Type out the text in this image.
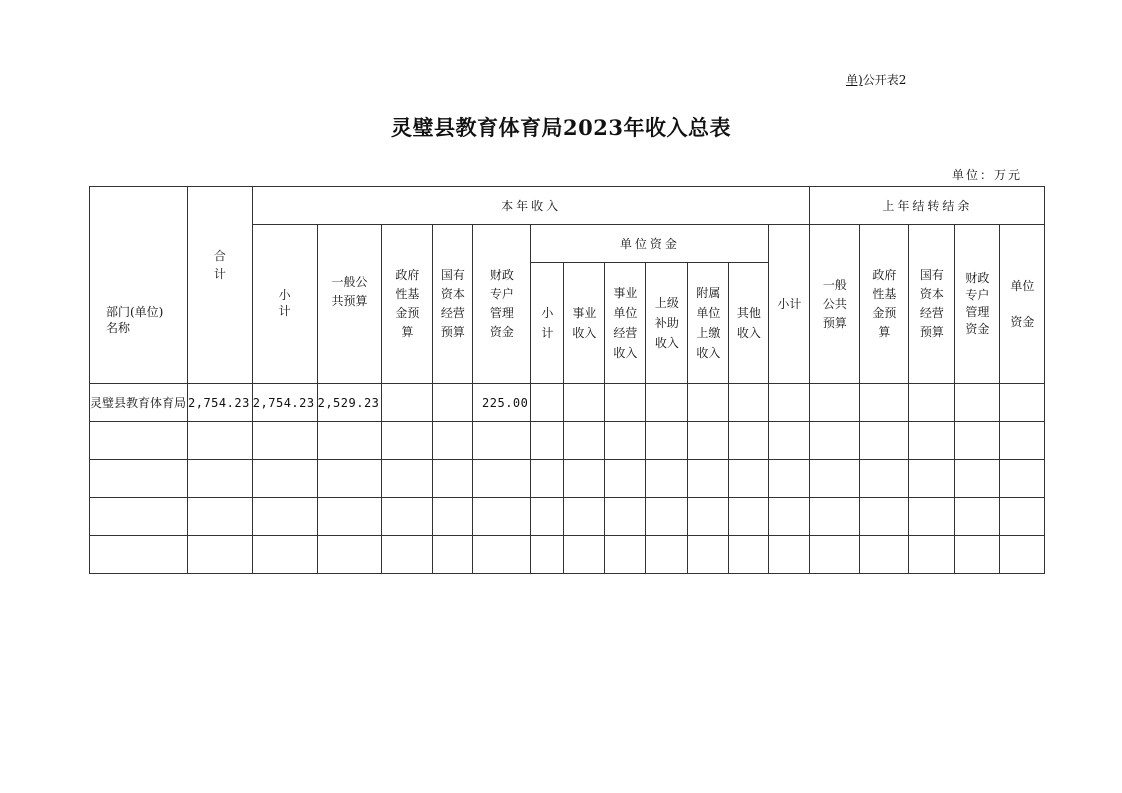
单)公开表2
灵璧县教育体育局2023年收入总表
单位：万元
部门(单位)名称	合计	本年收入												上年结转结余				
		小计	一般公共预算	政府性基金预算	国有资本经营预算	财政专户管理资金	单位资金						小计	一般公共预算	政府性基金预算	国有资本经营预算	财政专户管理资金	单位资金
							小计	事业收入	事业单位经营收入	上级补助收入	附属单位上缴收入	其他收入						
灵璧县教育体育局	2,754.23	2,754.23	2,529.23			225.00												
